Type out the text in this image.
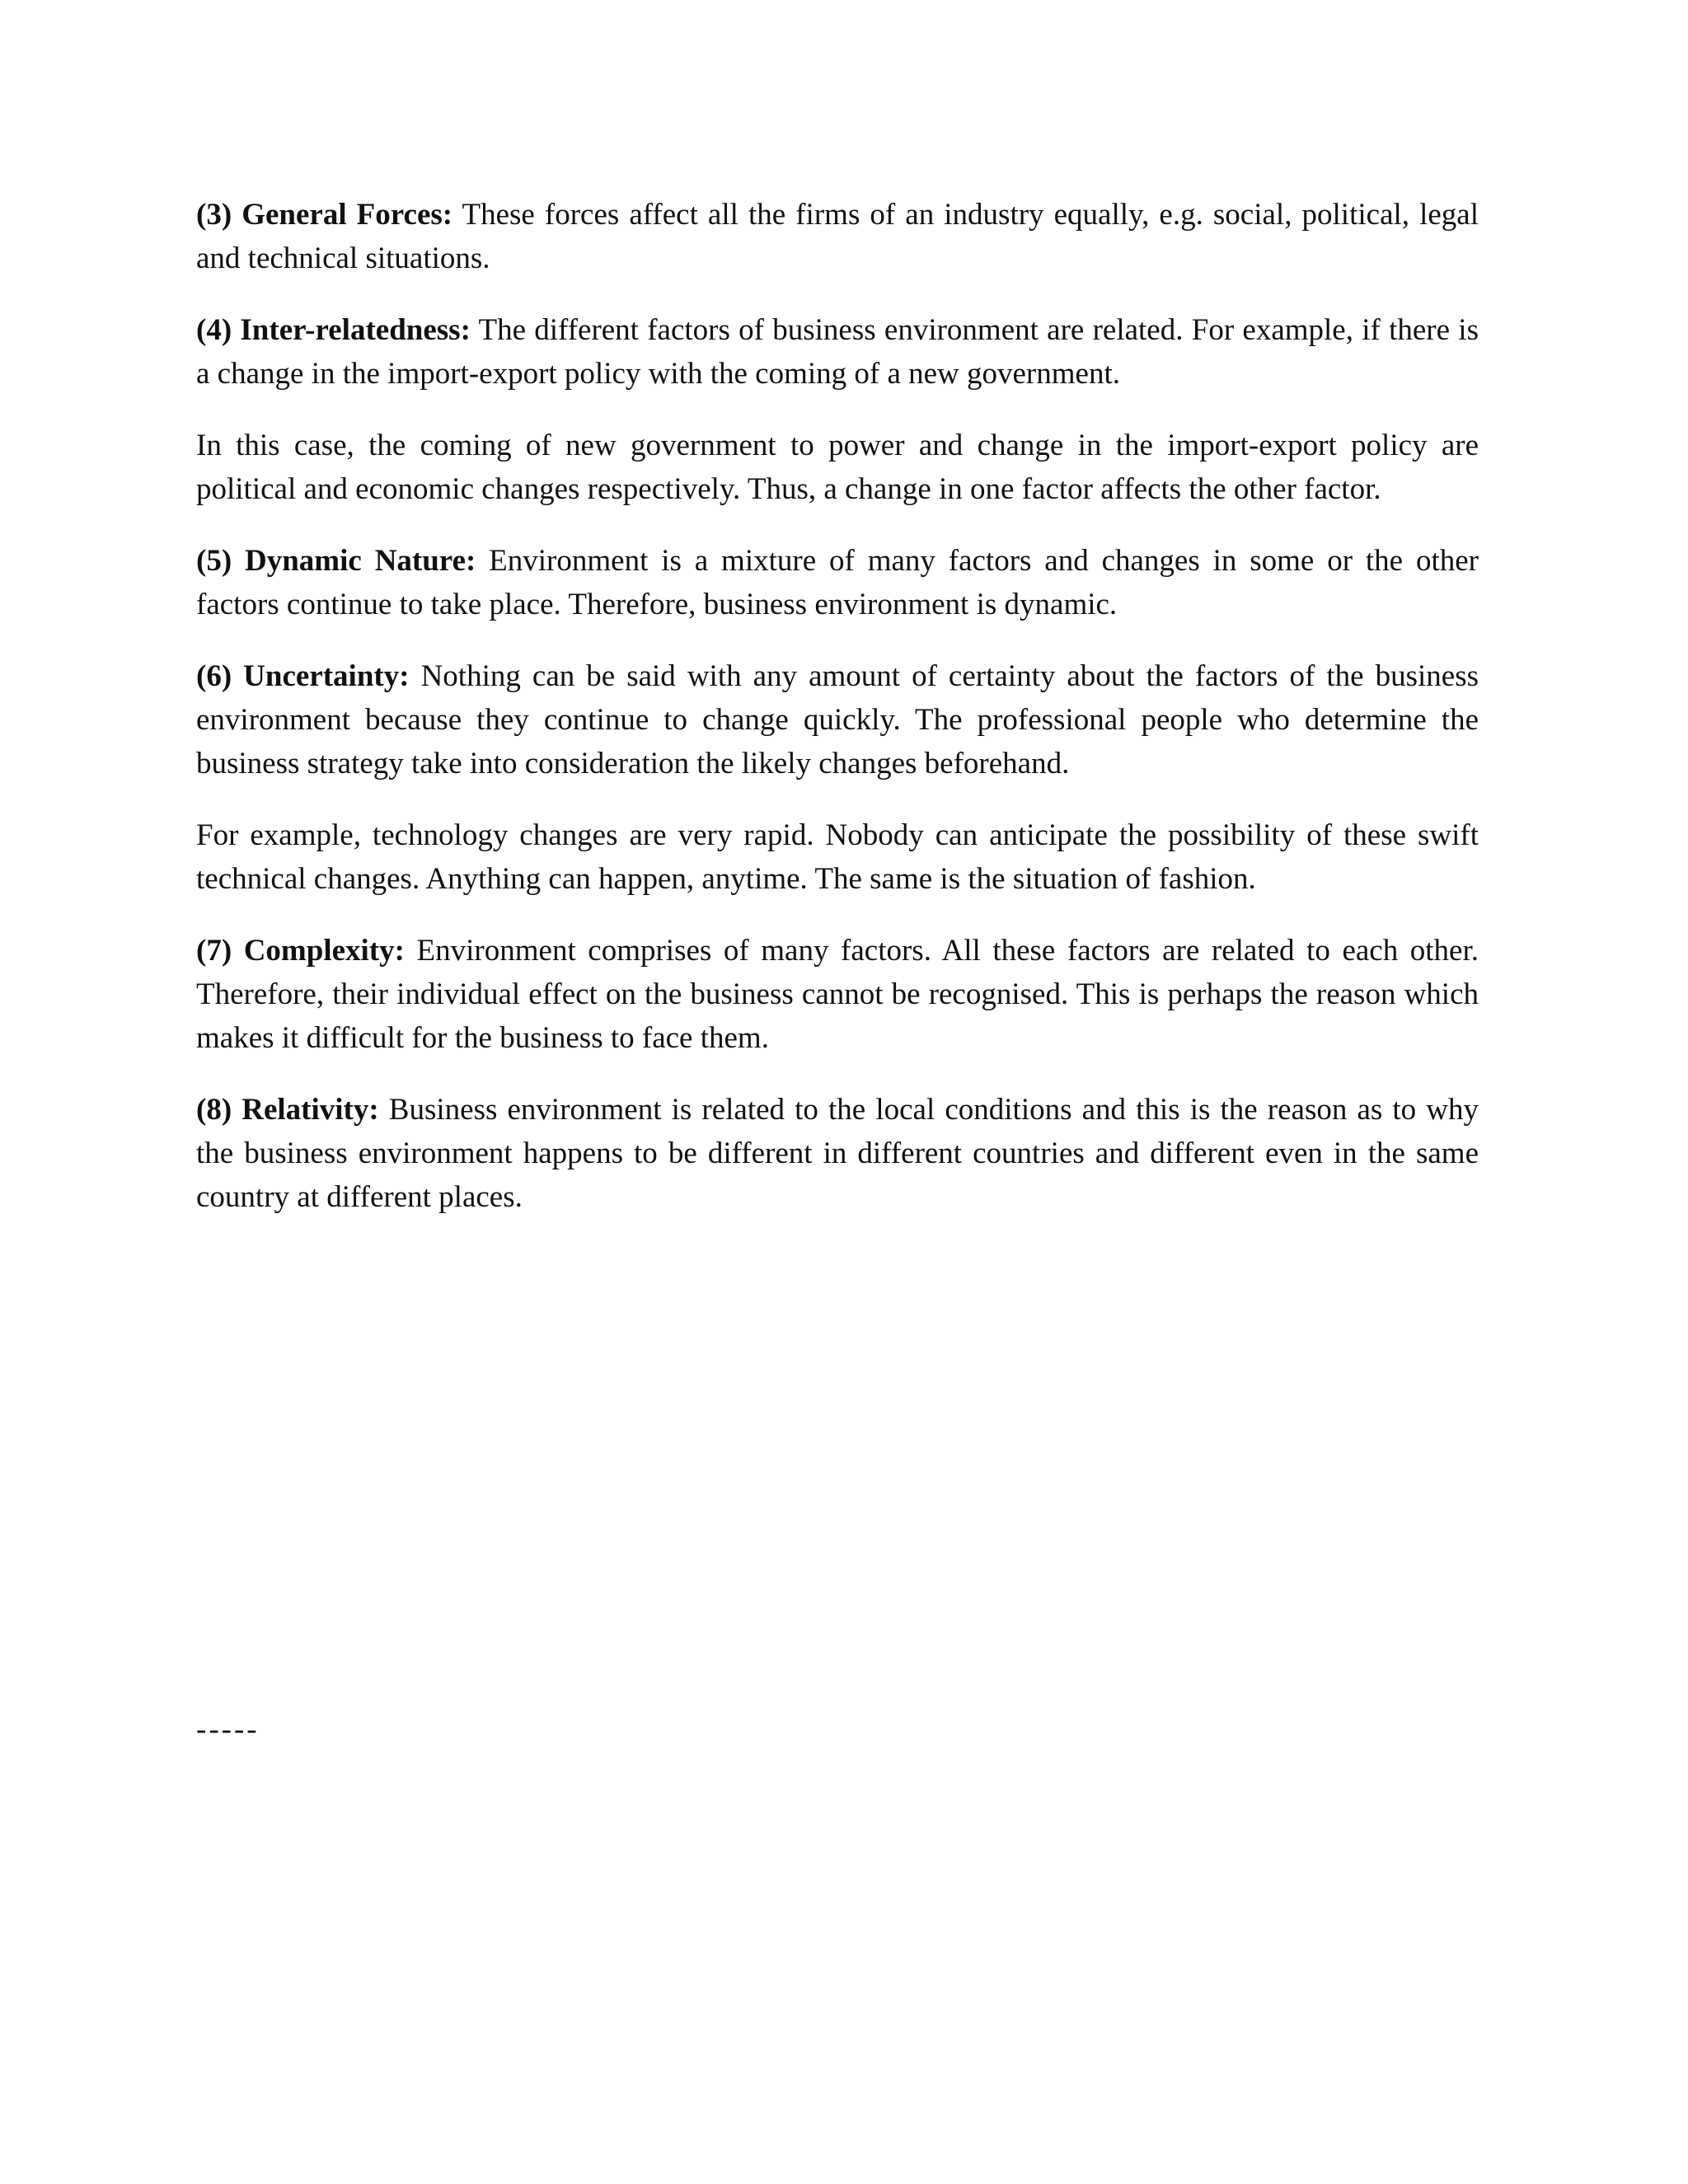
(3) General Forces: These forces affect all the firms of an industry equally, e.g. social, political, legal and technical situations.

(4) Inter-relatedness: The different factors of business environment are related. For example, if there is a change in the import-export policy with the coming of a new government.

In this case, the coming of new government to power and change in the import-export policy are political and economic changes respectively. Thus, a change in one factor affects the other factor.

(5) Dynamic Nature: Environment is a mixture of many factors and changes in some or the other factors continue to take place. Therefore, business environment is dynamic.

(6) Uncertainty: Nothing can be said with any amount of certainty about the factors of the business environment because they continue to change quickly. The professional people who determine the business strategy take into consideration the likely changes beforehand.

For example, technology changes are very rapid. Nobody can anticipate the possibility of these swift technical changes. Anything can happen, anytime. The same is the situation of fashion.

(7) Complexity: Environment comprises of many factors. All these factors are related to each other. Therefore, their individual effect on the business cannot be recognised. This is perhaps the reason which makes it difficult for the business to face them.

(8) Relativity: Business environment is related to the local conditions and this is the reason as to why the business environment happens to be different in different countries and different even in the same country at different places.

-----
